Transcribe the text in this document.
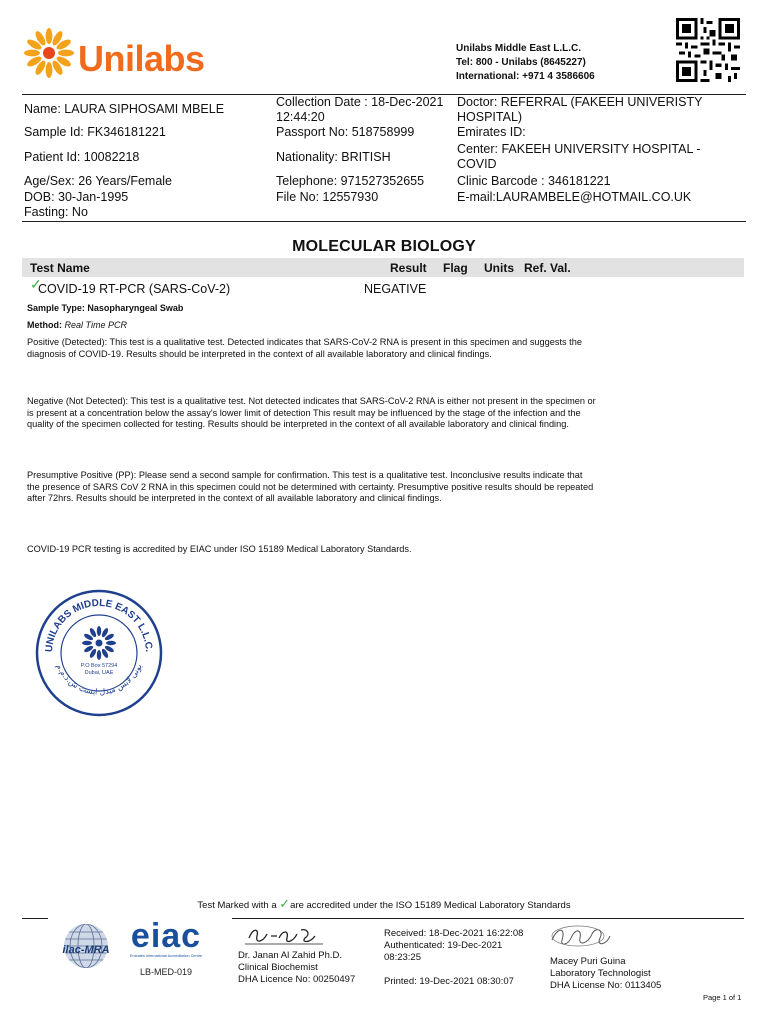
Unilabs	Unilabs Middle East L.L.C.
Tel: 800 - Unilabs (8645227)
International: +971 4 3586606
Name: LAURA SIPHOSAMI MBELE
Sample Id: FK346181221
Patient Id: 10082218
Age/Sex: 26 Years/Female
DOB: 30-Jan-1995
Fasting: No
Collection Date : 18-Dec-2021
12:44:20
Passport No: 518758999
Nationality: BRITISH
Telephone: 971527352655
File No: 12557930
Doctor: REFERRAL (FAKEEH UNIVERISTY
HOSPITAL)
Emirates ID:
Center: FAKEEH UNIVERSITY HOSPITAL -
COVID
Clinic Barcode : 346181221
E-mail:LAURAMBELE@HOTMAIL.CO.UK
MOLECULAR BIOLOGY
Test Name	Result Flag Units Ref. Val.
✓
COVID-19 RT-PCR (SARS-CoV-2)	NEGATIVE
Sample Type: Nasopharyngeal Swab
Method: Real Time PCR
Positive (Detected): This test is a qualitative test. Detected indicates that SARS-CoV-2 RNA is present in this specimen and suggests the diagnosis of COVID-19. Results should be interpreted in the context of all available laboratory and clinical findings.
Negative (Not Detected): This test is a qualitative test. Not detected indicates that SARS-CoV-2 RNA is either not present in the specimen or is present at a concentration below the assay's lower limit of detection This result may be influenced by the stage of the infection and the quality of the specimen collected for testing. Results should be interpreted in the context of all available laboratory and clinical finding.
Presumptive Positive (PP): Please send a second sample for confirmation. This test is a qualitative test. Inconclusive results indicate that the presence of SARS CoV 2 RNA in this specimen could not be determined with certainty. Presumptive positive results should be repeated after 72hrs. Results should be interpreted in the context of all available laboratory and clinical findings.
COVID-19 PCR testing is accredited by EIAC under ISO 15189 Medical Laboratory Standards.
UNILABS MIDDLE EAST L.L.C.
يونى لابس ميدل ايست ش.ذ.م.م
P.O Box 57294
Dubai, UAE
Test Marked with a ✓are accredited under the ISO 15189 Medical Laboratory Standards
ilac-MRA eiac
Emirates International Accreditation Centre
LB-MED-019
Dr. Janan Al Zahid Ph.D.
Clinical Biochemist
DHA Licence No: 00250497
Received: 18-Dec-2021 16:22:08
Authenticated: 19-Dec-2021
08:23:25
Printed: 19-Dec-2021 08:30:07
Macey Puri Guina
Laboratory Technologist
DHA License No: 0113405
Page 1 of 1
